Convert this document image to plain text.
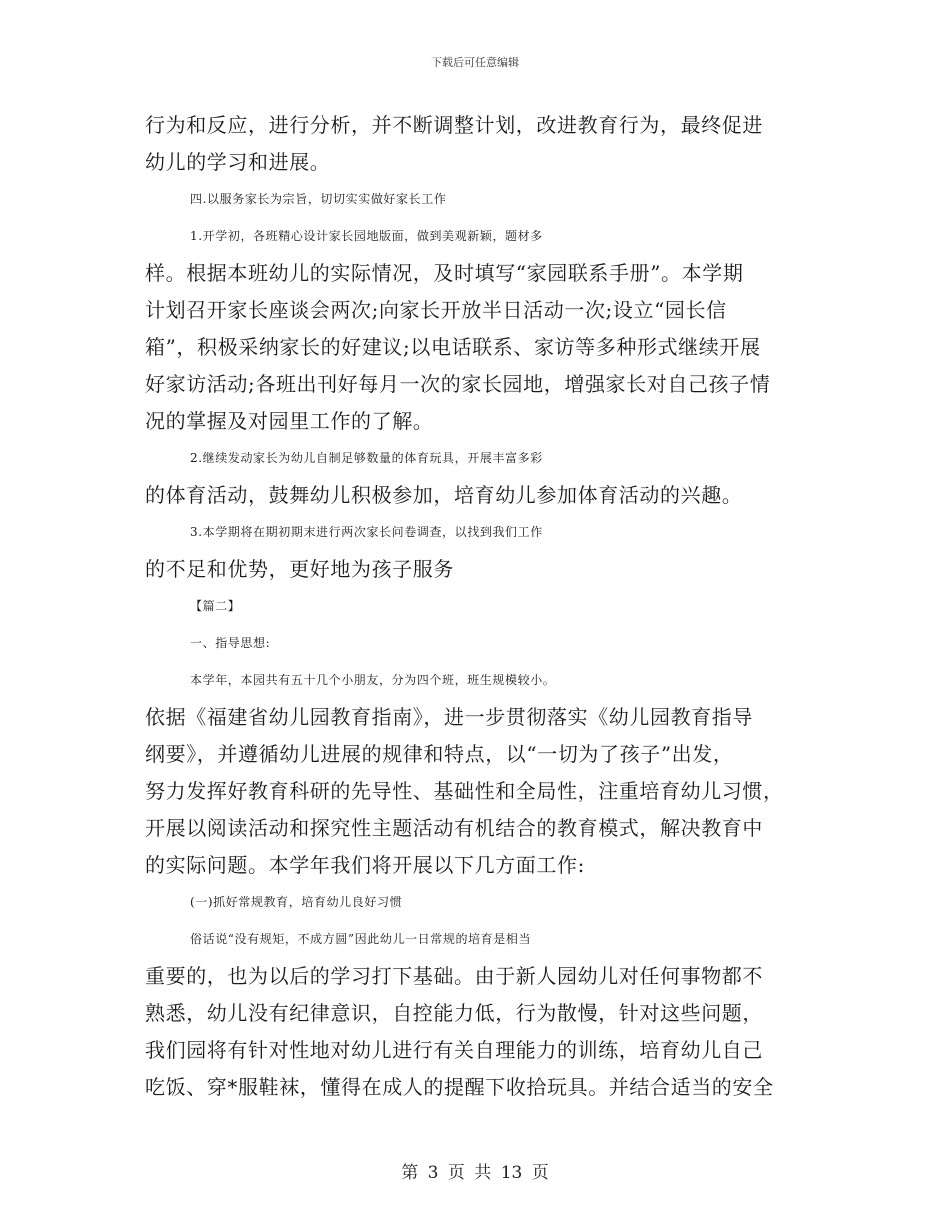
下载后可任意编辑
行为和反应，进行分析，并不断调整计划，改进教育行为，最终促进
幼儿的学习和进展。
四.以服务家长为宗旨，切切实实做好家长工作
1.开学初，各班精心设计家长园地版面，做到美观新颖，题材多
样。根据本班幼儿的实际情况，及时填写“家园联系手册”。本学期
计划召开家长座谈会两次;向家长开放半日活动一次;设立“园长信
箱”，积极采纳家长的好建议;以电话联系、家访等多种形式继续开展
好家访活动;各班出刊好每月一次的家长园地，增强家长对自己孩子情
况的掌握及对园里工作的了解。
2.继续发动家长为幼儿自制足够数量的体育玩具，开展丰富多彩
的体育活动，鼓舞幼儿积极参加，培育幼儿参加体育活动的兴趣。
3.本学期将在期初期末进行两次家长问卷调查，以找到我们工作
的不足和优势，更好地为孩子服务
【篇二】
一、指导思想:
本学年，本园共有五十几个小朋友，分为四个班，班生规模较小。
依据《福建省幼儿园教育指南》，进一步贯彻落实《幼儿园教育指导
纲要》，并遵循幼儿进展的规律和特点，以“一切为了孩子”出发，
努力发挥好教育科研的先导性、基础性和全局性，注重培育幼儿习惯，
开展以阅读活动和探究性主题活动有机结合的教育模式，解决教育中
的实际问题。本学年我们将开展以下几方面工作:
(一)抓好常规教育，培育幼儿良好习惯
俗话说“没有规矩，不成方圆”因此幼儿一日常规的培育是相当
重要的，也为以后的学习打下基础。由于新人园幼儿对任何事物都不
熟悉，幼儿没有纪律意识，自控能力低，行为散慢，针对这些问题，
我们园将有针对性地对幼儿进行有关自理能力的训练，培育幼儿自己
吃饭、穿*服鞋袜，懂得在成人的提醒下收拾玩具。并结合适当的安全
第 3 页 共 13 页
